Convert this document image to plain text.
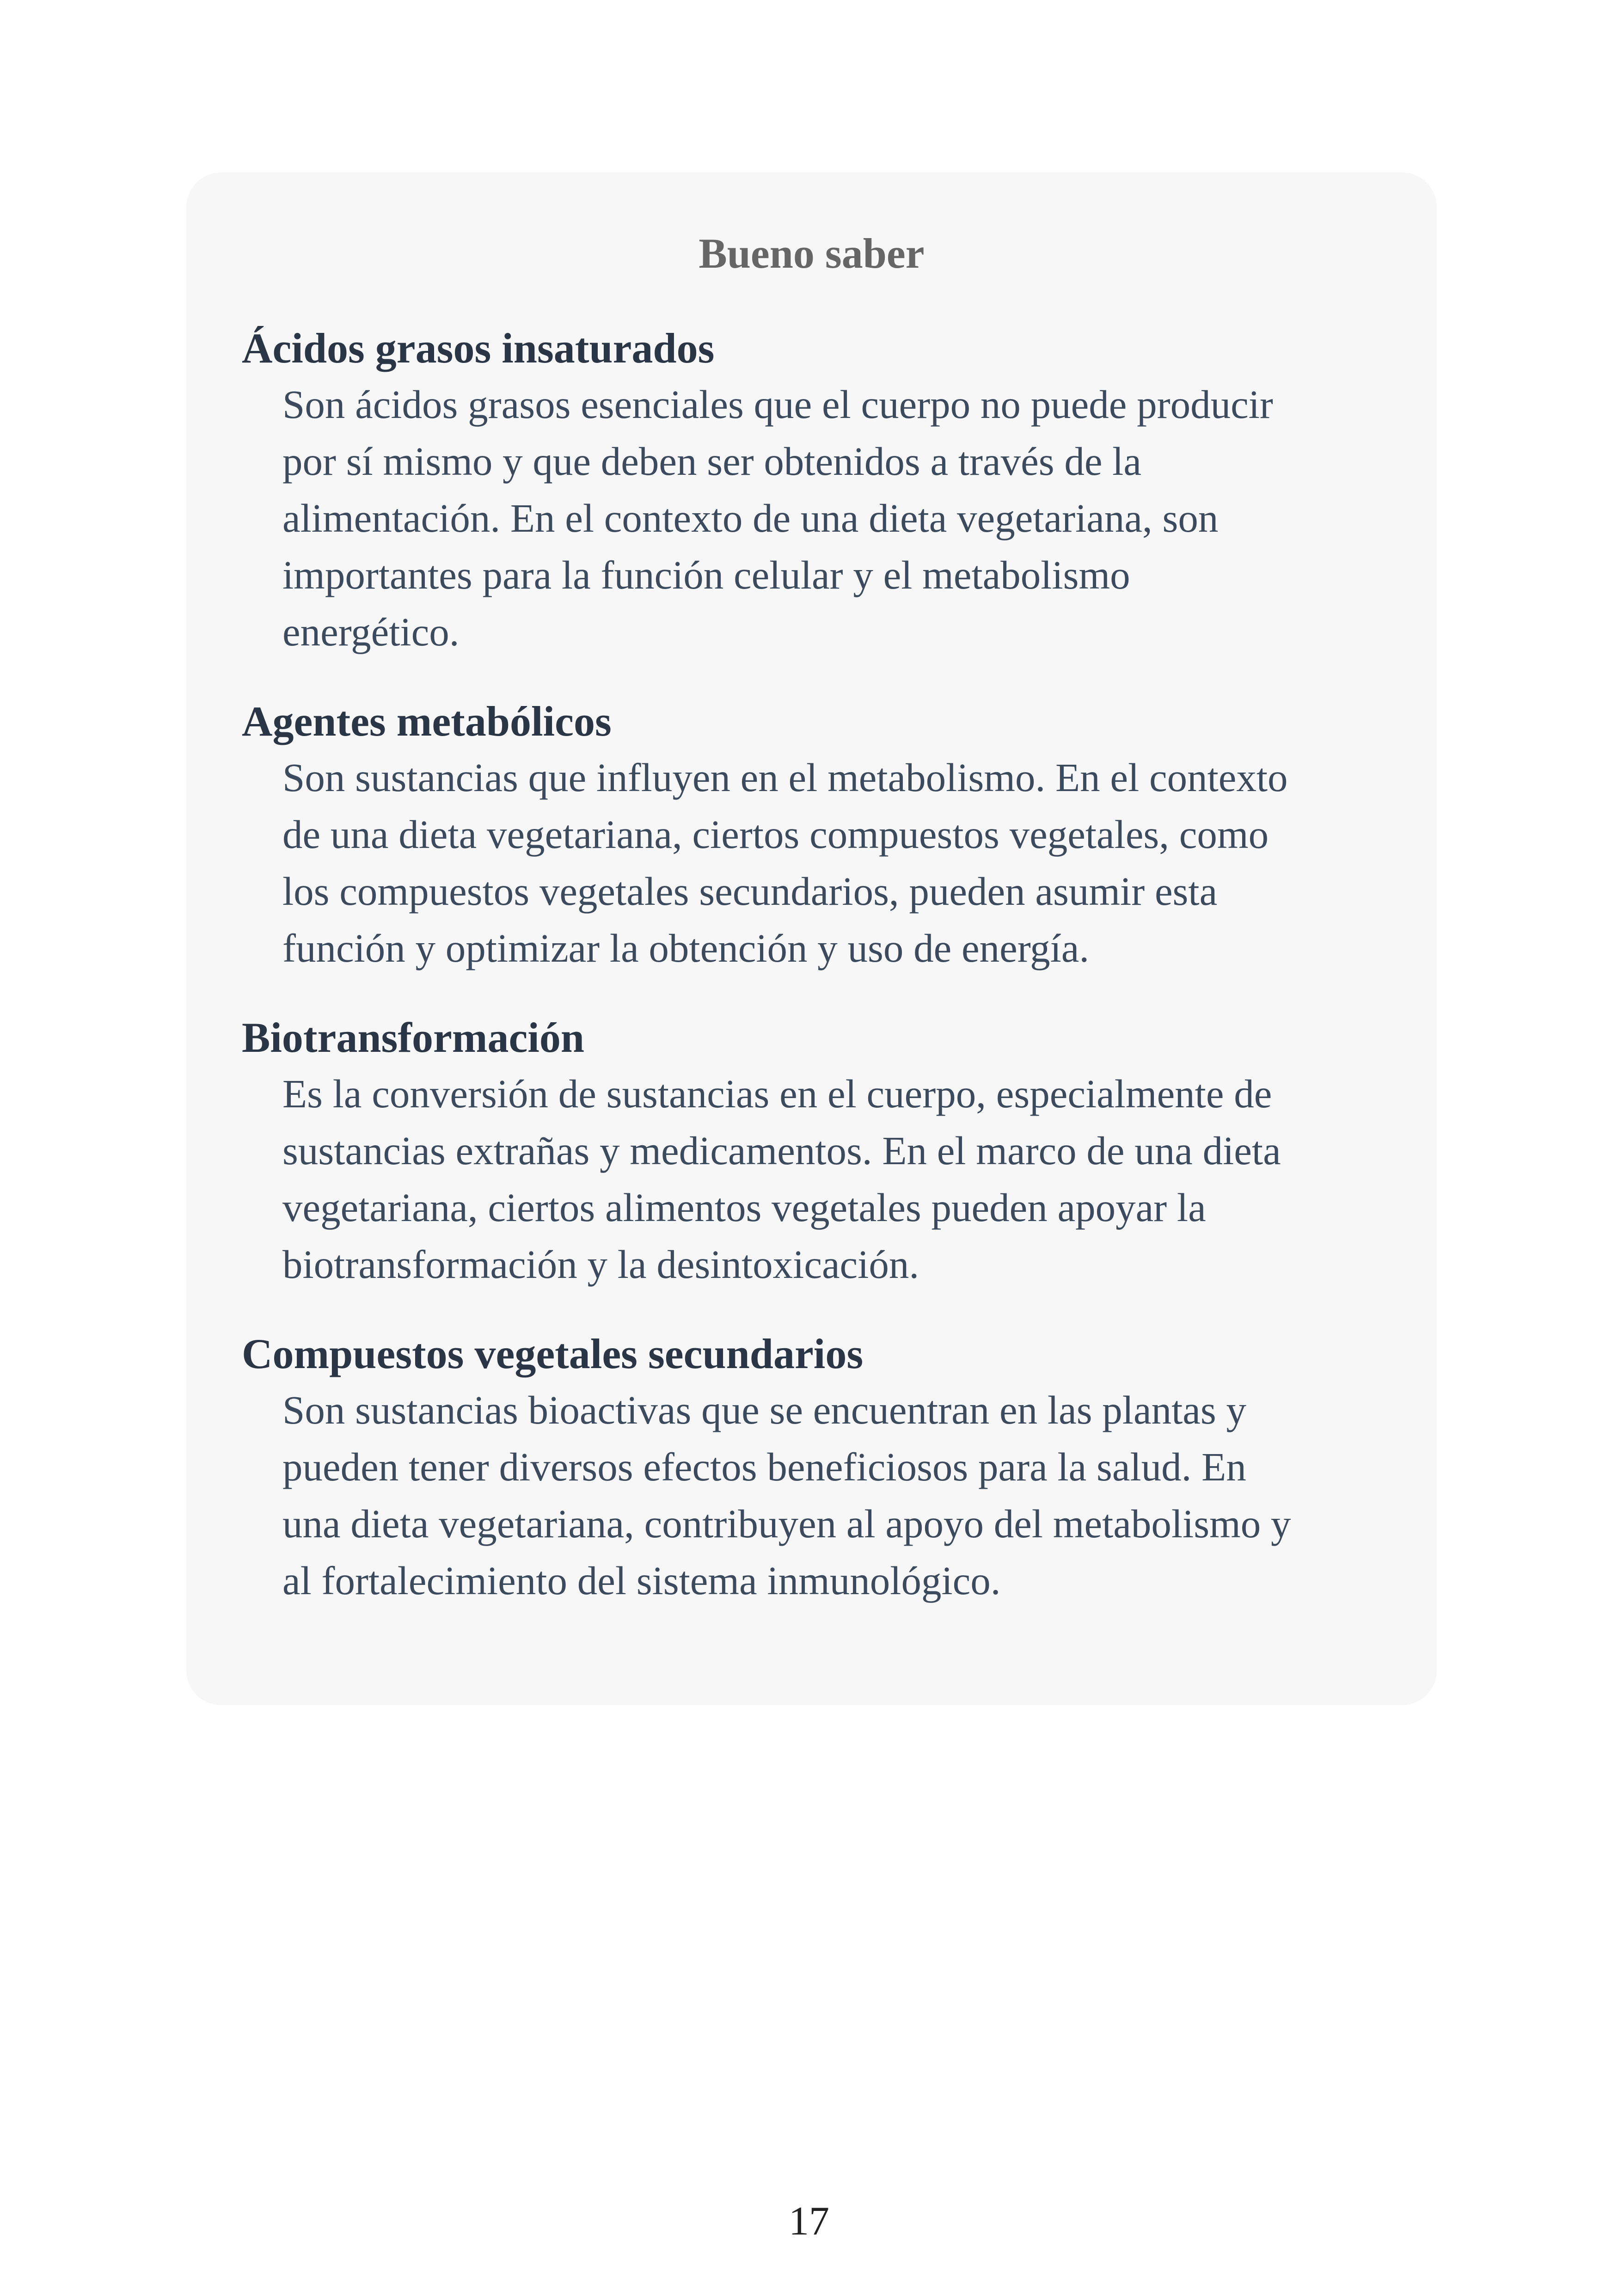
Bueno saber
Ácidos grasos insaturados
Son ácidos grasos esenciales que el cuerpo no puede producir
por sí mismo y que deben ser obtenidos a través de la
alimentación. En el contexto de una dieta vegetariana, son
importantes para la función celular y el metabolismo
energético.
Agentes metabólicos
Son sustancias que influyen en el metabolismo. En el contexto
de una dieta vegetariana, ciertos compuestos vegetales, como
los compuestos vegetales secundarios, pueden asumir esta
función y optimizar la obtención y uso de energía.
Biotransformación
Es la conversión de sustancias en el cuerpo, especialmente de
sustancias extrañas y medicamentos. En el marco de una dieta
vegetariana, ciertos alimentos vegetales pueden apoyar la
biotransformación y la desintoxicación.
Compuestos vegetales secundarios
Son sustancias bioactivas que se encuentran en las plantas y
pueden tener diversos efectos beneficiosos para la salud. En
una dieta vegetariana, contribuyen al apoyo del metabolismo y
al fortalecimiento del sistema inmunológico.
17
